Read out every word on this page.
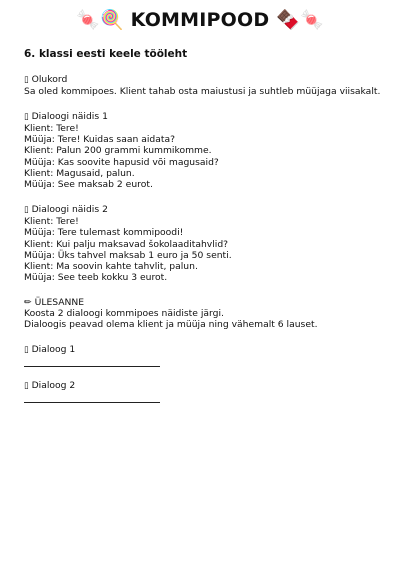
🍬🍭 KOMMIPOOD 🍫🍬
6. klassi eesti keele tööleht
▯ Olukord
Sa oled kommipoes. Klient tahab osta maiustusi ja suhtleb müüjaga viisakalt.
▯ Dialoogi näidis 1
Klient: Tere!
Müüja: Tere! Kuidas saan aidata?
Klient: Palun 200 grammi kummikomme.
Müüja: Kas soovite hapusid või magusaid?
Klient: Magusaid, palun.
Müüja: See maksab 2 eurot.
▯ Dialoogi näidis 2
Klient: Tere!
Müüja: Tere tulemast kommipoodi!
Klient: Kui palju maksavad šokolaaditahvlid?
Müüja: Üks tahvel maksab 1 euro ja 50 senti.
Klient: Ma soovin kahte tahvlit, palun.
Müüja: See teeb kokku 3 eurot.
✏ ÜLESANNE
Koosta 2 dialoogi kommipoes näidiste järgi.
Dialoogis peavad olema klient ja müüja ning vähemalt 6 lauset.
▯ Dialoog 1
▯ Dialoog 2
